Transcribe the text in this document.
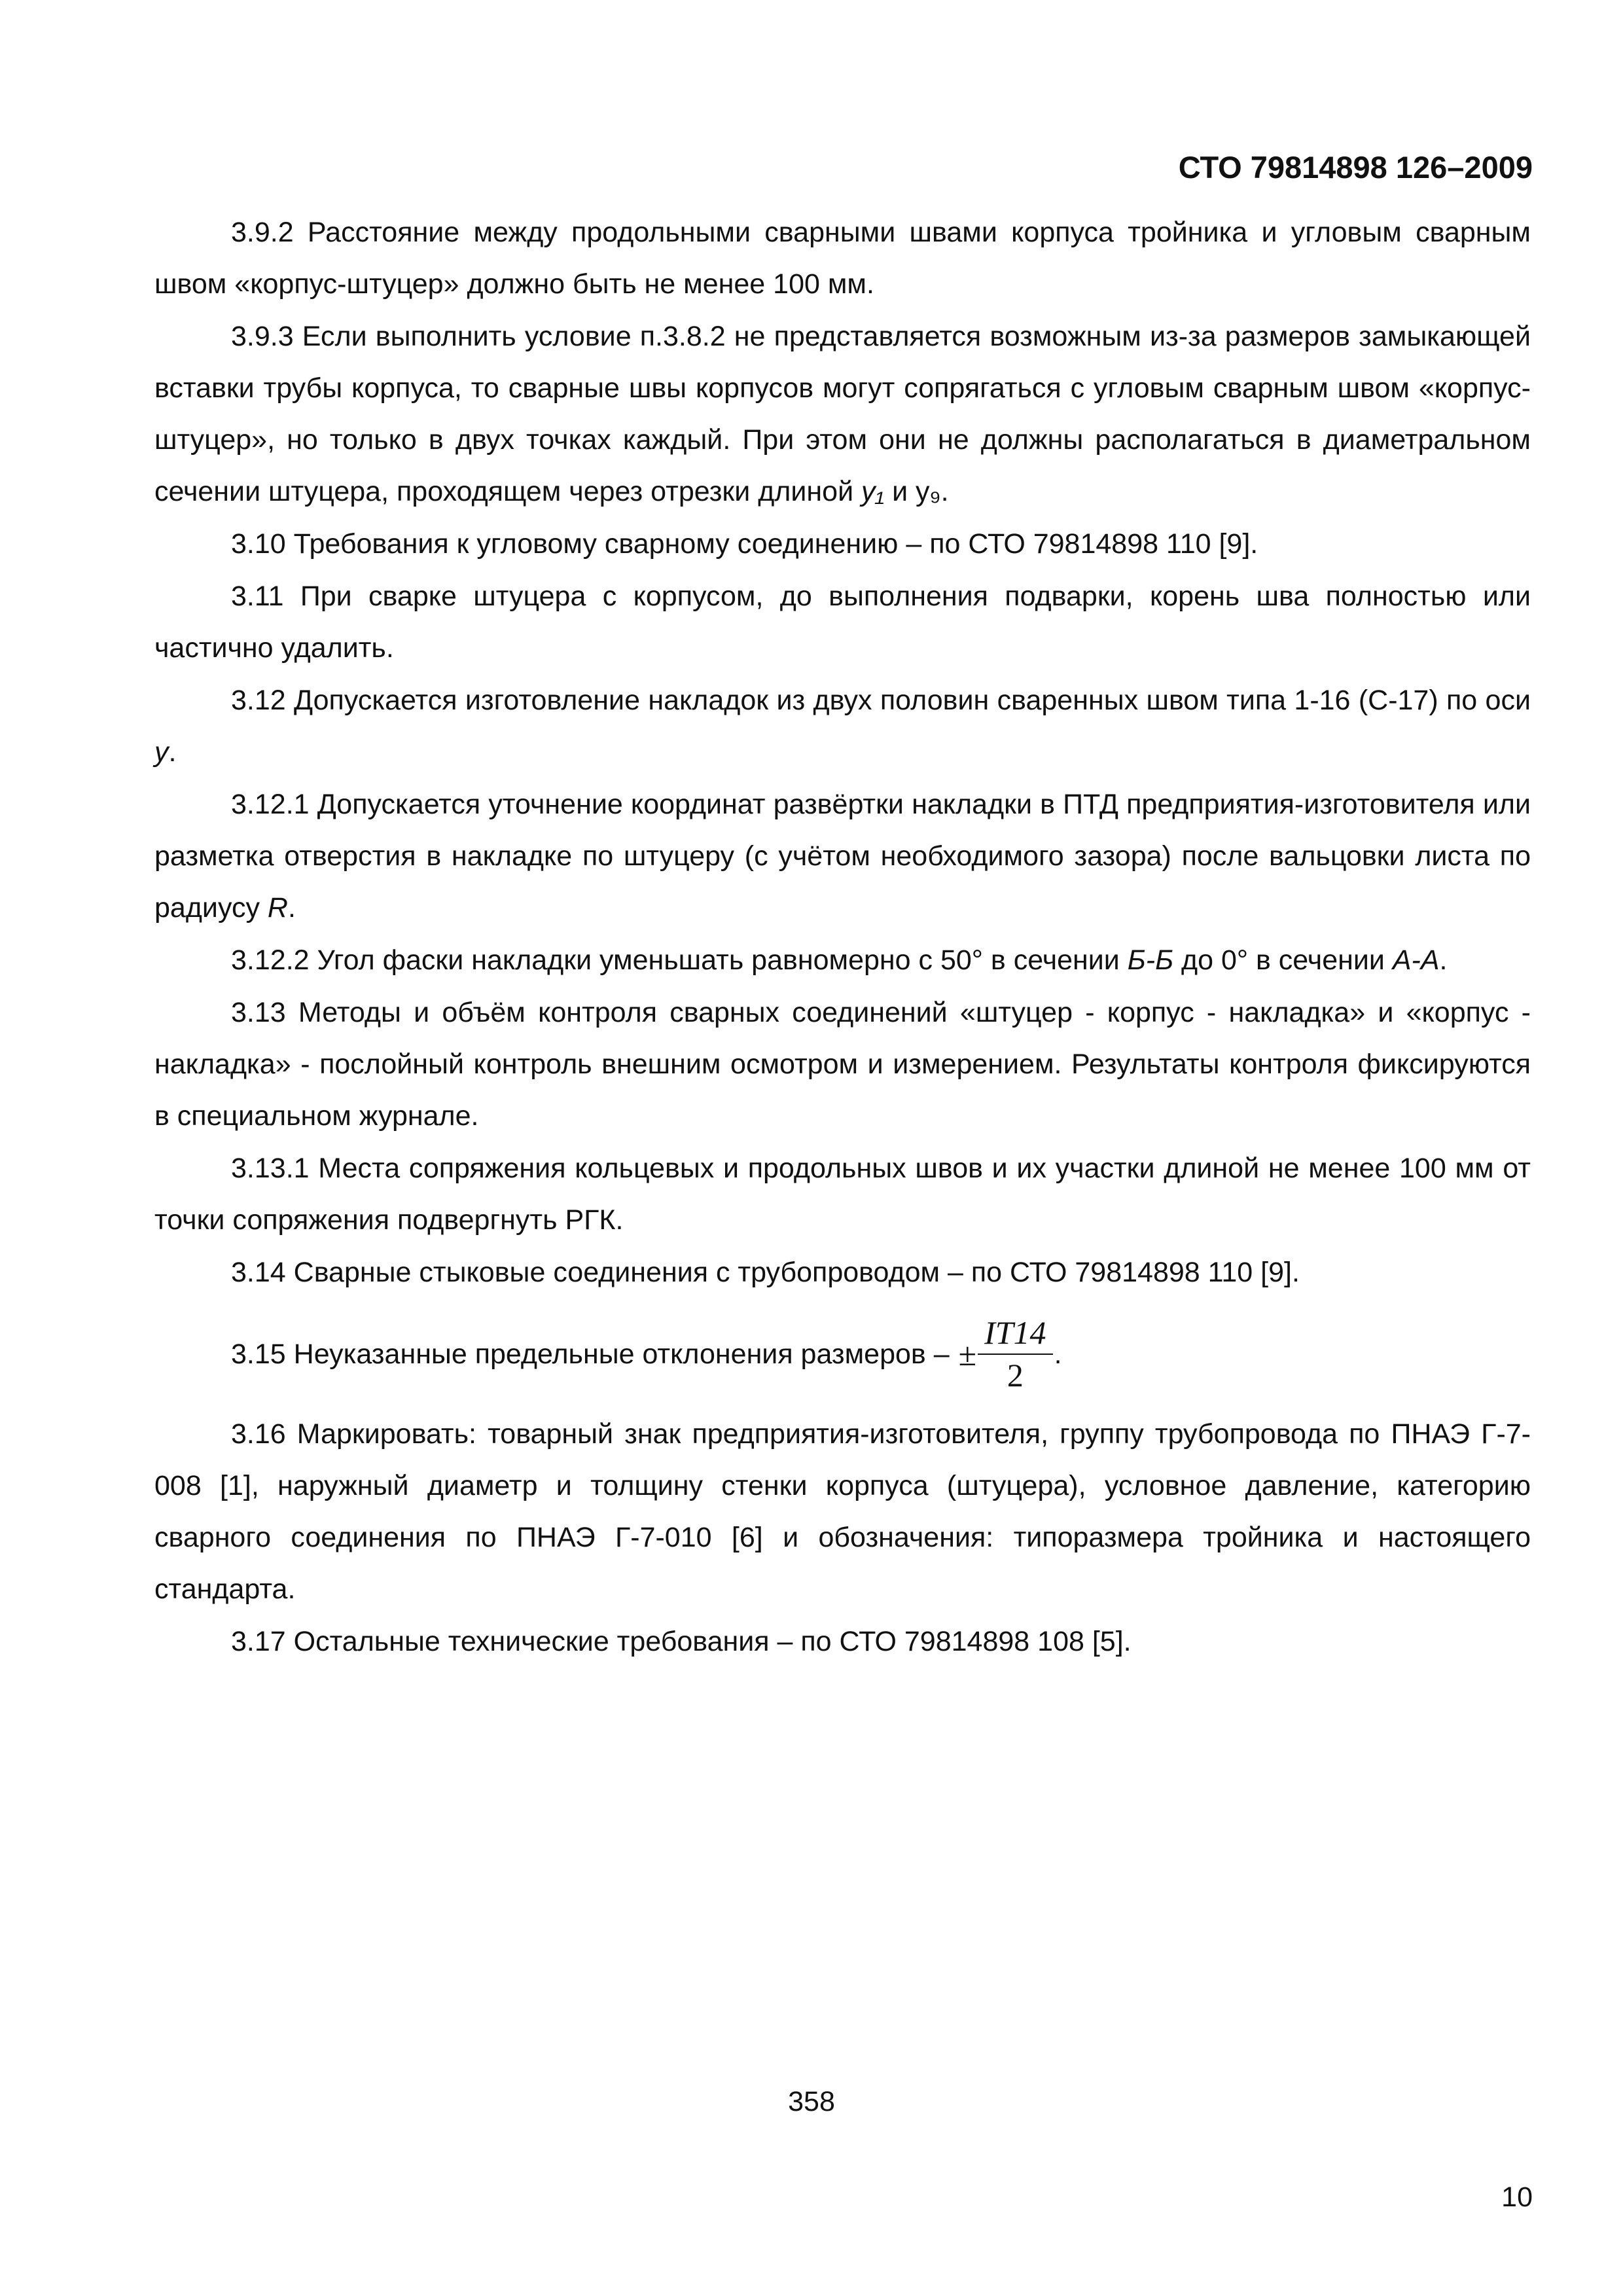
СТО 79814898 126–2009

3.9.2 Расстояние между продольными сварными швами корпуса тройника и угловым сварным швом «корпус-штуцер» должно быть не менее 100 мм.

3.9.3 Если выполнить условие п.3.8.2 не представляется возможным из-за размеров замыкающей вставки трубы корпуса, то сварные швы корпусов могут сопрягаться с угловым сварным швом «корпус-штуцер», но только в двух точках каждый. При этом они не должны располагаться в диаметральном сечении штуцера, проходящем через отрезки длиной y₁ и y₉.

3.10 Требования к угловому сварному соединению – по СТО 79814898 110 [9].

3.11 При сварке штуцера с корпусом, до выполнения подварки, корень шва полностью или частично удалить.

3.12 Допускается изготовление накладок из двух половин сваренных швом типа 1-16 (С-17) по оси y.

3.12.1 Допускается уточнение координат развёртки накладки в ПТД предприятия-изготовителя или разметка отверстия в накладке по штуцеру (с учётом необходимого зазора) после вальцовки листа по радиусу R.

3.12.2 Угол фаски накладки уменьшать равномерно с 50° в сечении Б-Б до 0° в сечении А-А.

3.13 Методы и объём контроля сварных соединений «штуцер - корпус - накладка» и «корпус - накладка» - послойный контроль внешним осмотром и измерением. Результаты контроля фиксируются в специальном журнале.

3.13.1 Места сопряжения кольцевых и продольных швов и их участки длиной не менее 100 мм от точки сопряжения подвергнуть РГК.

3.14 Сварные стыковые соединения с трубопроводом – по СТО 79814898 110 [9].

3.15 Неуказанные предельные отклонения размеров – ± $\frac{IT14}{2}$ .

3.16 Маркировать: товарный знак предприятия-изготовителя, группу трубопровода по ПНАЭ Г-7-008 [1], наружный диаметр и толщину стенки корпуса (штуцера), условное давление, категорию сварного соединения по ПНАЭ Г-7-010 [6] и обозначения: типоразмера тройника и настоящего стандарта.

3.17 Остальные технические требования – по СТО 79814898 108 [5].

358
10
